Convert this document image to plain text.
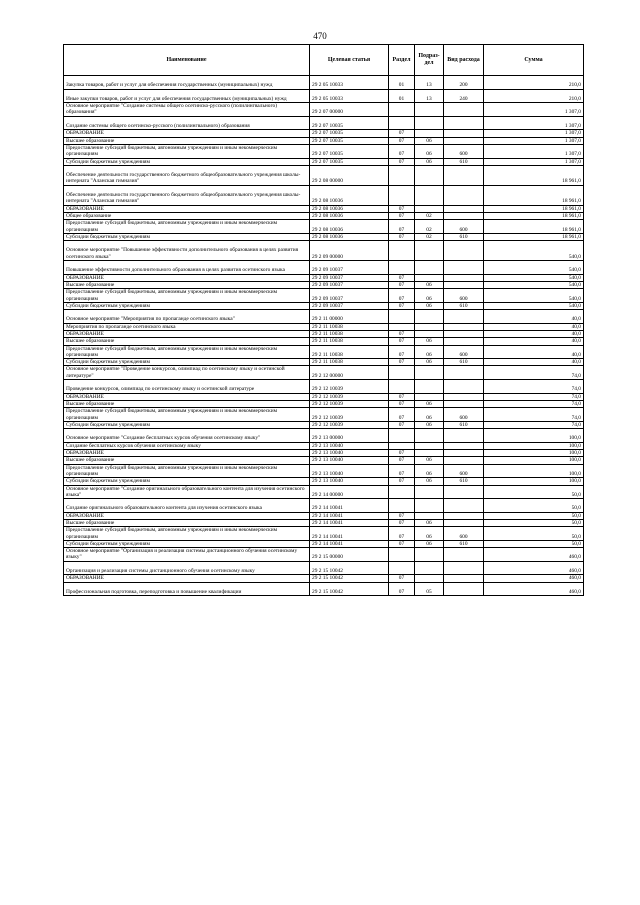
470
Наименование	Целевая статья	Раздел	Подраз-дел	Вид расхода	Сумма
Закупка товаров, работ и услуг для обеспечения государственных (муниципальных) нужд	29 2 05 10033	01	13	200	210,0
Иные закупки товаров, работ и услуг для обеспечения государственных (муниципальных) нужд	29 2 05 10033	01	13	240	210,0
Основное мероприятие "Создание системы общего осетинско-русского (полилингвального) образования"	29 2 07 00000				1 307,0
Создание системы общего осетинско-русского (полилингвального) образования	29 2 07 10035				1 307,0
ОБРАЗОВАНИЕ	29 2 07 10035	07			1 307,0
Высшее образование	29 2 07 10035	07	06		1 307,0
Предоставление субсидий бюджетным, автономным учреждениям и иным некоммерческим организациям	29 2 07 10035	07	06	600	1 307,0
Субсидии бюджетным учреждениям	29 2 07 10035	07	06	610	1 307,0
Обеспечение деятельности государственного бюджетного общеобразовательного учреждения школы-интерната "Аланская гимназия"	29 2 08 00000				18 961,0
Обеспечение деятельности государственного бюджетного общеобразовательного учреждения школы-интерната "Аланская гимназия"	29 2 08 10036				18 961,0
ОБРАЗОВАНИЕ	29 2 08 10036	07			18 961,0
Общее образование	29 2 08 10036	07	02		18 961,0
Предоставление субсидий бюджетным, автономным учреждениям и иным некоммерческим организациям	29 2 08 10036	07	02	600	18 961,0
Субсидии бюджетным учреждениям	29 2 08 10036	07	02	610	18 961,0
Основное мероприятие "Повышение эффективности дополнительного образования в целях развития осетинского языка"	29 2 09 00000				540,0
Повышение эффективности дополнительного образования в целях развития осетинского языка	29 2 09 10037				540,0
ОБРАЗОВАНИЕ	29 2 09 10037	07			540,0
Высшее образование	29 2 09 10037	07	06		540,0
Предоставление субсидий бюджетным, автономным учреждениям и иным некоммерческим организациям	29 2 09 10037	07	06	600	540,0
Субсидии бюджетным учреждениям	29 2 09 10037	07	06	610	540,0
Основное мероприятие "Мероприятия по пропаганде осетинского языка"	29 2 11 00000				40,0
Мероприятия по пропаганде осетинского языка	29 2 11 10038				40,0
ОБРАЗОВАНИЕ	29 2 11 10038	07			40,0
Высшее образование	29 2 11 10038	07	06		40,0
Предоставление субсидий бюджетным, автономным учреждениям и иным некоммерческим организациям	29 2 11 10038	07	06	600	40,0
Субсидии бюджетным учреждениям	29 2 11 10038	07	06	610	40,0
Основное мероприятие "Проведение конкурсов, олимпиад по осетинскому языку и осетинской литературе"	29 2 12 00000				74,0
Проведение конкурсов, олимпиад по осетинскому языку и осетинской литературе	29 2 12 10039				74,0
ОБРАЗОВАНИЕ	29 2 12 10039	07			74,0
Высшее образование	29 2 12 10039	07	06		74,0
Предоставление субсидий бюджетным, автономным учреждениям и иным некоммерческим организациям	29 2 12 10039	07	06	600	74,0
Субсидии бюджетным учреждениям	29 2 12 10039	07	06	610	74,0
Основное мероприятие "Создание бесплатных курсов обучения осетинскому языку"	29 2 13 00000				100,0
Создание бесплатных курсов обучения осетинскому языку	29 2 13 10040				100,0
ОБРАЗОВАНИЕ	29 2 13 10040	07			100,0
Высшее образование	29 2 13 10040	07	06		100,0
Предоставление субсидий бюджетным, автономным учреждениям и иным некоммерческим организациям	29 2 13 10040	07	06	600	100,0
Субсидии бюджетным учреждениям	29 2 13 10040	07	06	610	100,0
Основное мероприятие "Создание оригинального образовательного контента для изучения осетинского языка"	29 2 14 00000				50,0
Создание оригинального образовательного контента для изучения осетинского языка	29 2 14 10041				50,0
ОБРАЗОВАНИЕ	29 2 14 10041	07			50,0
Высшее образование	29 2 14 10041	07	06		50,0
Предоставление субсидий бюджетным, автономным учреждениям и иным некоммерческим организациям	29 2 14 10041	07	06	600	50,0
Субсидии бюджетным учреждениям	29 2 14 10041	07	06	610	50,0
Основное мероприятие "Организация и реализация системы дистанционного обучения осетинскому языку"	29 2 15 00000				460,0
Организация и реализация системы дистанционного обучения осетинскому языку	29 2 15 10042				460,0
ОБРАЗОВАНИЕ	29 2 15 10042	07			460,0
Профессиональная подготовка, переподготовка и повышение квалификации	29 2 15 10042	07	05		460,0
